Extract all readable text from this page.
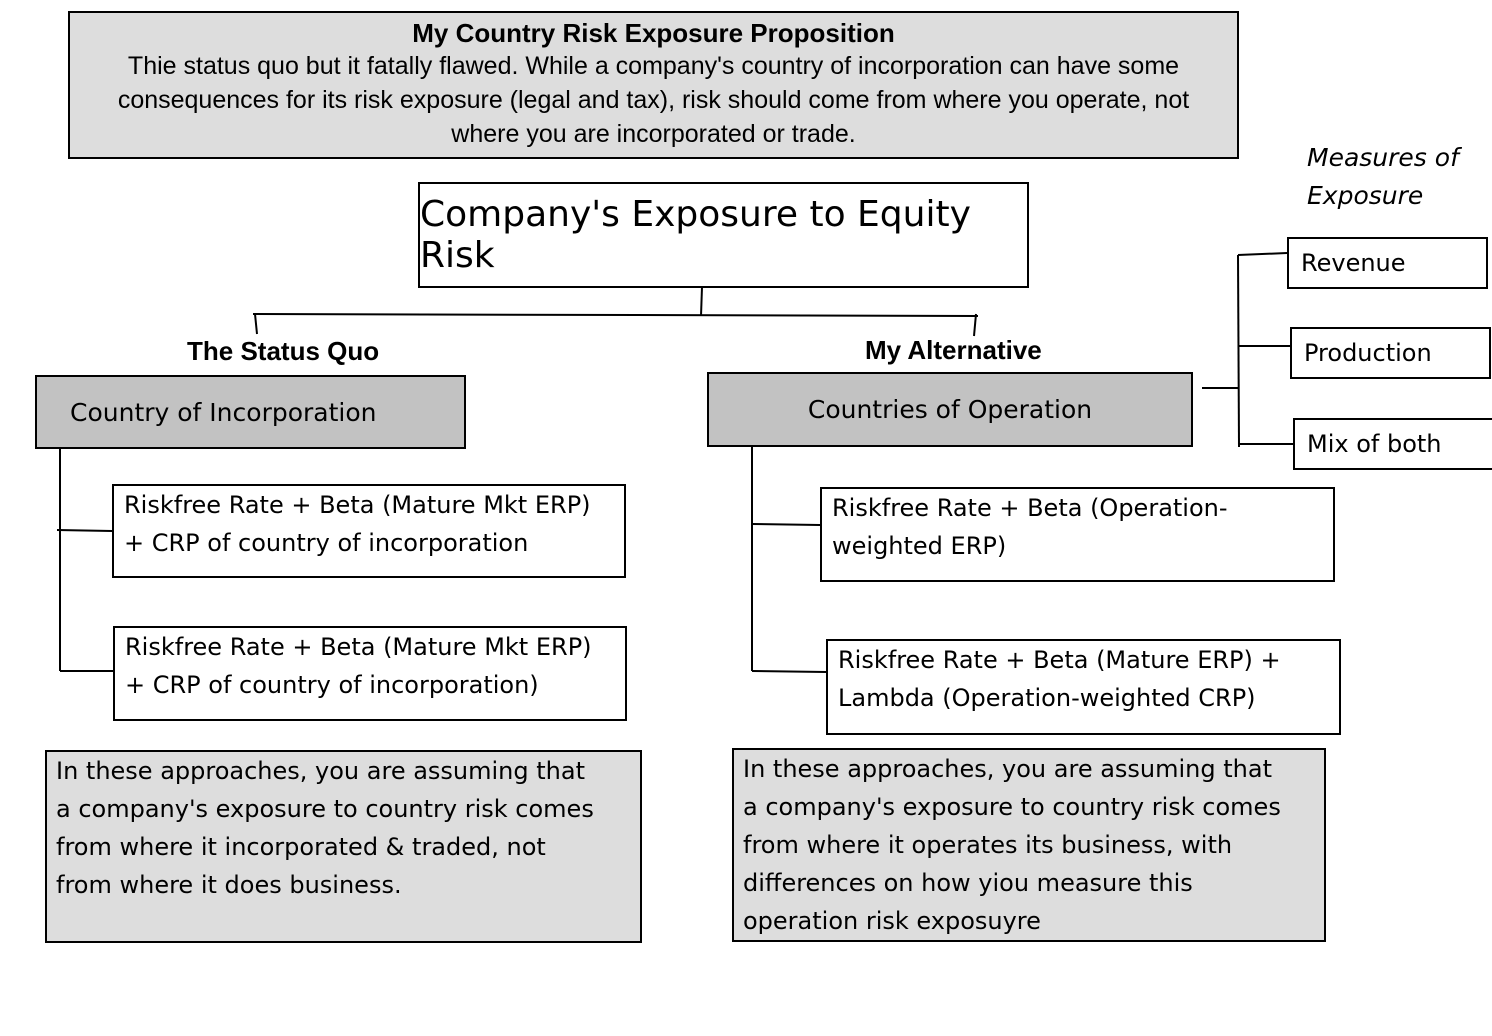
My Country Risk Exposure Proposition
Thie status quo but it fatally flawed. While a company's country of incorporation can have some consequences for its risk exposure (legal and tax), risk should come from where you operate, not where you are incorporated or trade.
Company's Exposure to Equity Risk
The Status Quo	My Alternative
Country of Incorporation	Countries of Operation
Riskfree Rate + Beta (Mature Mkt ERP)
+ CRP of country of incorporation
Riskfree Rate + Beta (Mature Mkt ERP)
+ CRP of country of incorporation)
Riskfree Rate + Beta (Operation-
weighted ERP)
Riskfree Rate + Beta (Mature ERP) +
Lambda (Operation-weighted CRP)
In these approaches, you are assuming that
a company's exposure to country risk comes
from where it incorporated & traded, not
from where it does business.
In these approaches, you are assuming that
a company's exposure to country risk comes
from where it operates its business, with
differences on how yiou measure this
operation risk exposuyre
Measures of
Exposure
Revenue
Production
Mix of both
